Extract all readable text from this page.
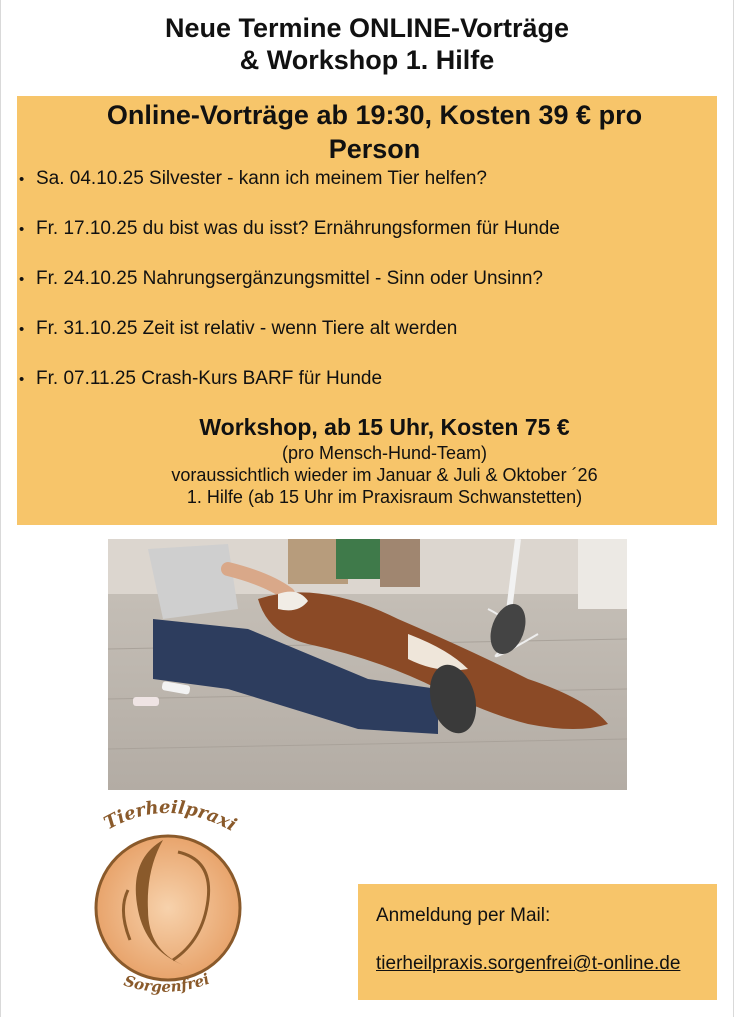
Neue Termine ONLINE-Vorträge
& Workshop 1. Hilfe
Online-Vorträge ab 19:30, Kosten 39 € pro
Person
• Sa. 04.10.25 Silvester - kann ich meinem Tier helfen?
• Fr. 17.10.25 du bist was du isst? Ernährungsformen für Hunde
• Fr. 24.10.25 Nahrungsergänzungsmittel - Sinn oder Unsinn?
• Fr. 31.10.25 Zeit ist relativ - wenn Tiere alt werden
• Fr. 07.11.25 Crash-Kurs BARF für Hunde
Workshop, ab 15 Uhr, Kosten 75 €
(pro Mensch-Hund-Team)
voraussichtlich wieder im Januar & Juli & Oktober ´26
1. Hilfe (ab 15 Uhr im Praxisraum Schwanstetten)
Tierheilpraxi
Sorgenfrei
Anmeldung per Mail:
tierheilpraxis.sorgenfrei@t-online.de
